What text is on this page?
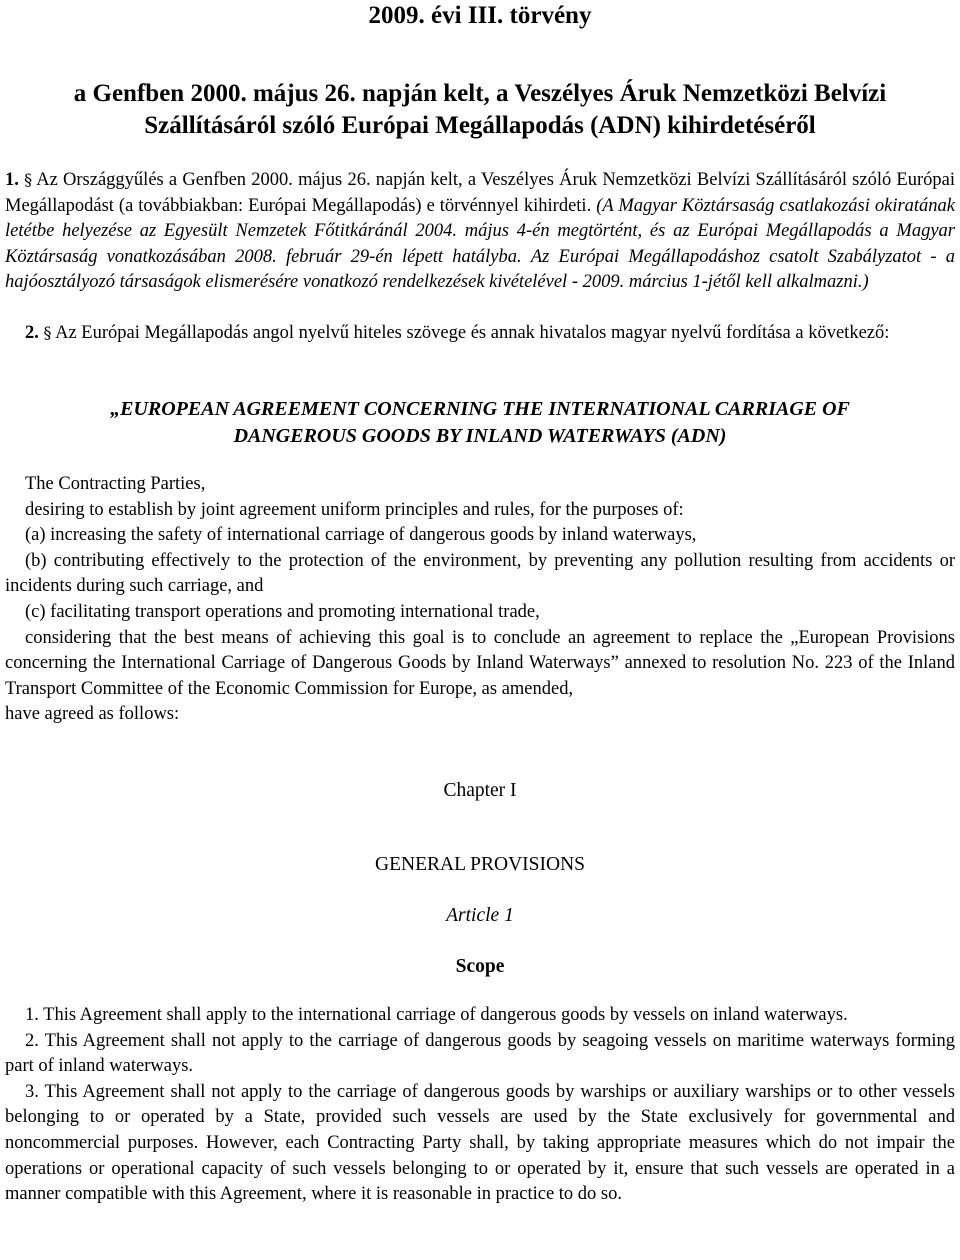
2009. évi III. törvény
a Genfben 2000. május 26. napján kelt, a Veszélyes Áruk Nemzetközi Belvízi
Szállításáról szóló Európai Megállapodás (ADN) kihirdetéséről

1. § Az Országgyűlés a Genfben 2000. május 26. napján kelt, a Veszélyes Áruk Nemzetközi Belvízi Szállításáról szóló Európai Megállapodást (a továbbiakban: Európai Megállapodás) e törvénnyel kihirdeti. (A Magyar Köztársaság csatlakozási okiratának letétbe helyezése az Egyesült Nemzetek Főtitkáránál 2004. május 4-én megtörtént, és az Európai Megállapodás a Magyar Köztársaság vonatkozásában 2008. február 29-én lépett hatályba. Az Európai Megállapodáshoz csatolt Szabályzatot - a hajóosztályozó társaságok elismerésére vonatkozó rendelkezések kivételével - 2009. március 1-jétől kell alkalmazni.)

2. § Az Európai Megállapodás angol nyelvű hiteles szövege és annak hivatalos magyar nyelvű fordítása a következő:

„EUROPEAN AGREEMENT CONCERNING THE INTERNATIONAL CARRIAGE OF
DANGEROUS GOODS BY INLAND WATERWAYS (ADN)

The Contracting Parties,

desiring to establish by joint agreement uniform principles and rules, for the purposes of:

(a) increasing the safety of international carriage of dangerous goods by inland waterways,

(b) contributing effectively to the protection of the environment, by preventing any pollution resulting from accidents or incidents during such carriage, and

(c) facilitating transport operations and promoting international trade,

considering that the best means of achieving this goal is to conclude an agreement to replace the „European Provisions concerning the International Carriage of Dangerous Goods by Inland Waterways” annexed to resolution No. 223 of the Inland Transport Committee of the Economic Commission for Europe, as amended,

have agreed as follows:

Chapter I

GENERAL PROVISIONS

Article 1

Scope

1. This Agreement shall apply to the international carriage of dangerous goods by vessels on inland waterways.

2. This Agreement shall not apply to the carriage of dangerous goods by seagoing vessels on maritime waterways forming part of inland waterways.

3. This Agreement shall not apply to the carriage of dangerous goods by warships or auxiliary warships or to other vessels belonging to or operated by a State, provided such vessels are used by the State exclusively for governmental and noncommercial purposes. However, each Contracting Party shall, by taking appropriate measures which do not impair the operations or operational capacity of such vessels belonging to or operated by it, ensure that such vessels are operated in a manner compatible with this Agreement, where it is reasonable in practice to do so.
